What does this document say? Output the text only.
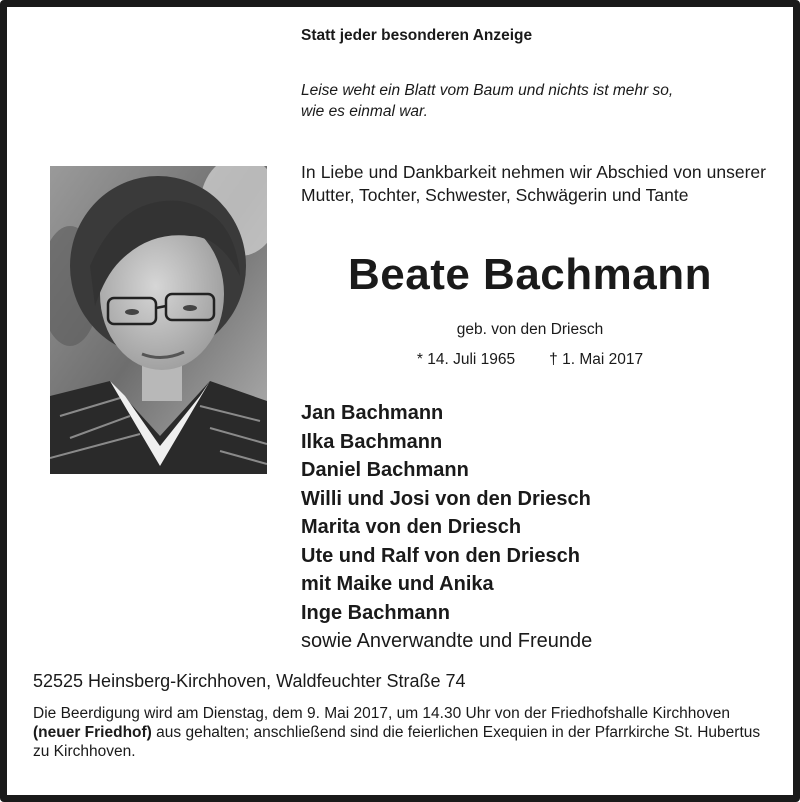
Statt jeder besonderen Anzeige
Leise weht ein Blatt vom Baum und nichts ist mehr so,
wie es einmal war.
In Liebe und Dankbarkeit nehmen wir Abschied von unserer Mutter, Tochter, Schwester, Schwägerin und Tante
Beate Bachmann
geb. von den Driesch
* 14. Juli 1965 † 1. Mai 2017
Jan Bachmann
Ilka Bachmann
Daniel Bachmann
Willi und Josi von den Driesch
Marita von den Driesch
Ute und Ralf von den Driesch
mit Maike und Anika
Inge Bachmann
sowie Anverwandte und Freunde
52525 Heinsberg-Kirchhoven, Waldfeuchter Straße 74
Die Beerdigung wird am Dienstag, dem 9. Mai 2017, um 14.30 Uhr von der Friedhofshalle Kirchhoven (neuer Friedhof) aus gehalten; anschließend sind die feierlichen Exequien in der Pfarrkirche St. Hubertus zu Kirchhoven.
